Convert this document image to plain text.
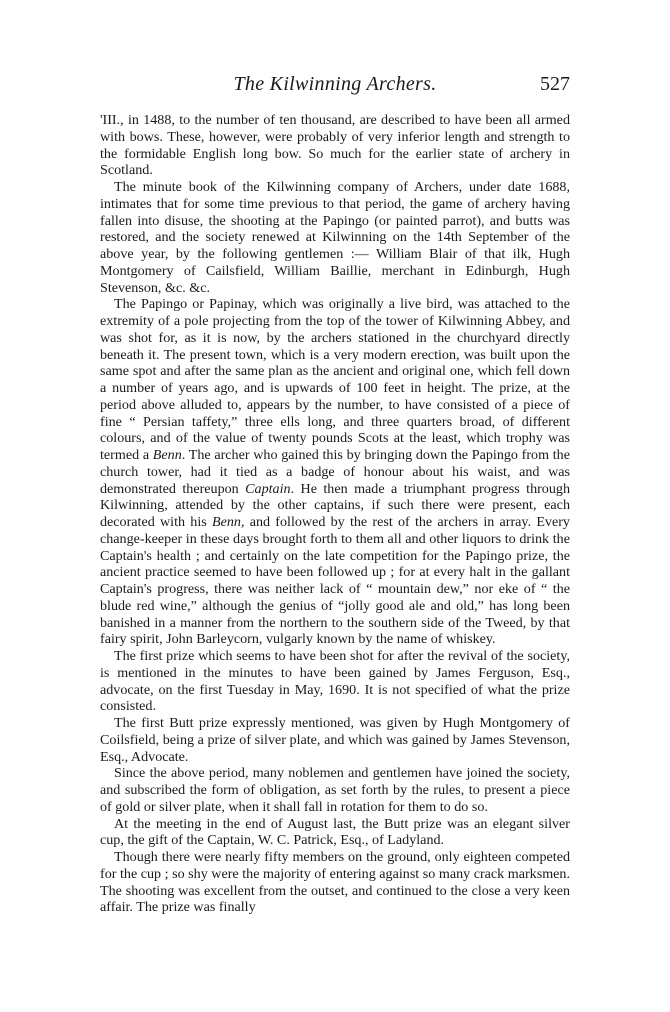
The Kilwinning Archers.	527

'III., in 1488, to the number of ten thousand, are described to have been all armed with bows. These, however, were probably of very inferior length and strength to the formidable English long bow. So much for the earlier state of archery in Scotland.

The minute book of the Kilwinning company of Archers, under date 1688, intimates that for some time previous to that period, the game of archery having fallen into disuse, the shooting at the Papingo (or painted parrot), and butts was restored, and the society renewed at Kilwinning on the 14th September of the above year, by the following gentlemen :— William Blair of that ilk, Hugh Montgomery of Cailsfield, William Baillie, merchant in Edinburgh, Hugh Stevenson, &c. &c.

The Papingo or Papinay, which was originally a live bird, was attached to the extremity of a pole projecting from the top of the tower of Kilwinning Abbey, and was shot for, as it is now, by the archers stationed in the churchyard directly beneath it. The present town, which is a very modern erection, was built upon the same spot and after the same plan as the ancient and original one, which fell down a number of years ago, and is upwards of 100 feet in height. The prize, at the period above alluded to, appears by the number, to have consisted of a piece of fine “ Persian taffety,” three ells long, and three quarters broad, of different colours, and of the value of twenty pounds Scots at the least, which trophy was termed a Benn. The archer who gained this by bringing down the Papingo from the church tower, had it tied as a badge of honour about his waist, and was demonstrated thereupon Captain. He then made a triumphant progress through Kilwinning, attended by the other captains, if such there were present, each decorated with his Benn, and followed by the rest of the archers in array. Every change-keeper in these days brought forth to them all and other liquors to drink the Captain's health ; and certainly on the late competition for the Papingo prize, the ancient practice seemed to have been followed up ; for at every halt in the gallant Captain's progress, there was neither lack of “ mountain dew,” nor eke of “ the blude red wine,” although the genius of “jolly good ale and old,” has long been banished in a manner from the northern to the southern side of the Tweed, by that fairy spirit, John Barleycorn, vulgarly known by the name of whiskey.

The first prize which seems to have been shot for after the revival of the society, is mentioned in the minutes to have been gained by James Ferguson, Esq., advocate, on the first Tuesday in May, 1690. It is not specified of what the prize consisted.

The first Butt prize expressly mentioned, was given by Hugh Montgomery of Coilsfield, being a prize of silver plate, and which was gained by James Stevenson, Esq., Advocate.

Since the above period, many noblemen and gentlemen have joined the society, and subscribed the form of obligation, as set forth by the rules, to present a piece of gold or silver plate, when it shall fall in rotation for them to do so.

At the meeting in the end of August last, the Butt prize was an elegant silver cup, the gift of the Captain, W. C. Patrick, Esq., of Ladyland.

Though there were nearly fifty members on the ground, only eighteen competed for the cup ; so shy were the majority of entering against so many crack marksmen. The shooting was excellent from the outset, and continued to the close a very keen affair. The prize was finally
